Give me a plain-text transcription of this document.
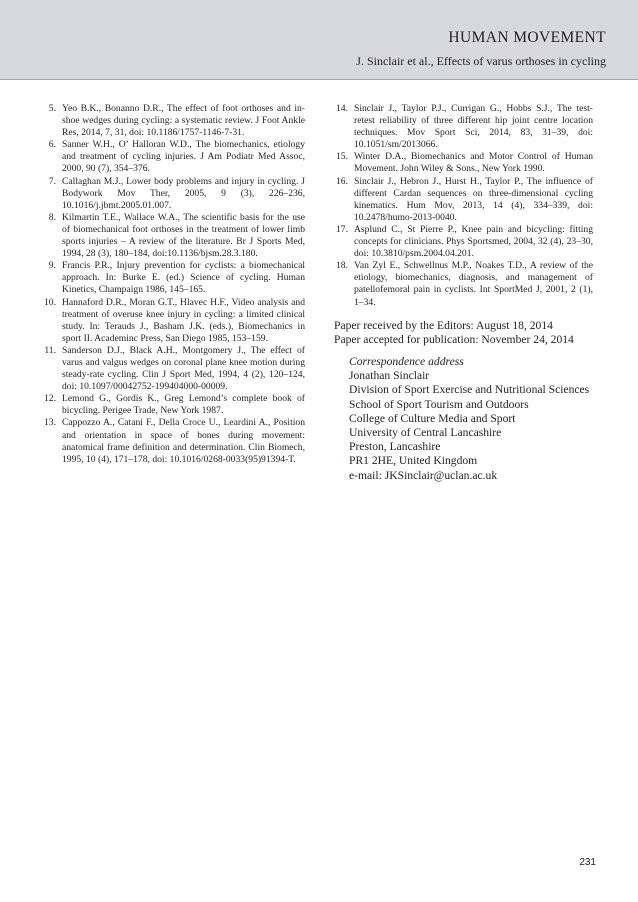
HUMAN MOVEMENT
J. Sinclair et al., Effects of varus orthoses in cycling
5. Yeo B.K., Bonanno D.R., The effect of foot orthoses and in-shoe wedges during cycling: a systematic review. J Foot Ankle Res, 2014, 7, 31, doi: 10.1186/1757-1146-7-31.
6. Sanner W.H., O’ Halloran W.D., The biomechanics, etiology and treatment of cycling injuries. J Am Podiatr Med Assoc, 2000, 90 (7), 354–376.
7. Callaghan M.J., Lower body problems and injury in cycling. J Bodywork Mov Ther, 2005, 9 (3), 226–236, 10.1016/j.jbmt.2005.01.007.
8. Kilmartin T.E., Wallace W.A., The scientific basis for the use of biomechanical foot orthoses in the treatment of lower limb sports injuries – A review of the literature. Br J Sports Med, 1994, 28 (3), 180–184, doi:10.1136/bjsm.28.3.180.
9. Francis P.R., Injury prevention for cyclists: a biomechanical approach. In: Burke E. (ed.) Science of cycling. Human Kinetics, Champaign 1986, 145–165.
10. Hannaford D.R., Moran G.T., Hlavec H.F., Video analysis and treatment of overuse knee injury in cycling: a limited clinical study. In: Terauds J., Basham J.K. (eds.), Biomechanics in sport II. Academinc Press, San Diego 1985, 153–159.
11. Sanderson D.J., Black A.H., Montgomery J., The effect of varus and valgus wedges on coronal plane knee motion during steady-rate cycling. Clin J Sport Med, 1994, 4 (2), 120–124, doi: 10.1097/00042752-199404000-00009.
12. Lemond G., Gordis K., Greg Lemond’s complete book of bicycling. Perigee Trade, New York 1987.
13. Cappozzo A., Catani F., Della Croce U., Leardini A., Position and orientation in space of bones during movement: anatomical frame definition and determination. Clin Biomech, 1995, 10 (4), 171–178, doi: 10.1016/0268-0033(95)91394-T.
14. Sinclair J., Taylor P.J., Currigan G., Hobbs S.J., The test-retest reliability of three different hip joint centre location techniques. Mov Sport Sci, 2014, 83, 31–39, doi: 10.1051/sm/2013066.
15. Winter D.A., Biomechanics and Motor Control of Human Movement. John Wiley & Sons., New York 1990.
16. Sinclair J., Hebron J., Hurst H., Taylor P., The influence of different Cardan sequences on three-dimensional cycling kinematics. Hum Mov, 2013, 14 (4), 334–339, doi: 10.2478/humo-2013-0040.
17. Asplund C., St Pierre P., Knee pain and bicycling: fitting concepts for clinicians. Phys Sportsmed, 2004, 32 (4), 23–30, doi: 10.3810/psm.2004.04.201.
18. Van Zyl E., Schwellnus M.P., Noakes T.D., A review of the etiology, biomechanics, diagnosis, and management of patellofemoral pain in cyclists. Int SportMed J, 2001, 2 (1), 1–34.
Paper received by the Editors: August 18, 2014
Paper accepted for publication: November 24, 2014
Correspondence address
Jonathan Sinclair
Division of Sport Exercise and Nutritional Sciences
School of Sport Tourism and Outdoors
College of Culture Media and Sport
University of Central Lancashire
Preston, Lancashire
PR1 2HE, United Kingdom
e-mail: JKSinclair@uclan.ac.uk
231
